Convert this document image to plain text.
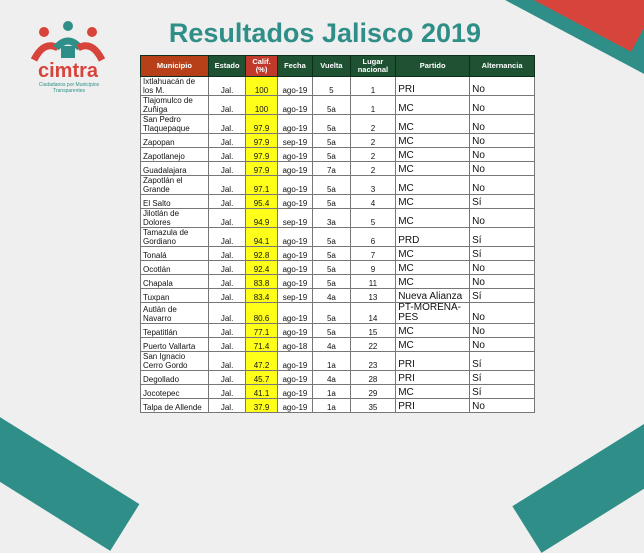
cimtra
Ciudadanos por Municipios Transparentes
Resultados Jalisco 2019
Municipio	Estado	Calif. (%)	Fecha	Vuelta	Lugar nacional	Partido	Alternancia
Ixtlahuacán de los M.	Jal.	100	ago-19	5	1	PRI	No
Tlajomulco de Zuñiga	Jal.	100	ago-19	5a	1	MC	No
San Pedro Tlaquepaque	Jal.	97.9	ago-19	5a	2	MC	No
Zapopan	Jal.	97.9	sep-19	5a	2	MC	No
Zapotlanejo	Jal.	97.9	ago-19	5a	2	MC	No
Guadalajara	Jal.	97.9	ago-19	7a	2	MC	No
Zapotlán el Grande	Jal.	97.1	ago-19	5a	3	MC	No
El Salto	Jal.	95.4	ago-19	5a	4	MC	Sí
Jilotlán de Dolores	Jal.	94.9	sep-19	3a	5	MC	No
Tamazula de Gordiano	Jal.	94.1	ago-19	5a	6	PRD	Sí
Tonalá	Jal.	92.8	ago-19	5a	7	MC	Sí
Ocotlán	Jal.	92.4	ago-19	5a	9	MC	No
Chapala	Jal.	83.8	ago-19	5a	11	MC	No
Tuxpan	Jal.	83.4	sep-19	4a	13	Nueva Alianza	Sí
Autlán de Navarro	Jal.	80.6	ago-19	5a	14	PT-MORENA-PES	No
Tepatitlán	Jal.	77.1	ago-19	5a	15	MC	No
Puerto Vallarta	Jal.	71.4	ago-18	4a	22	MC	No
San Ignacio Cerro Gordo	Jal.	47.2	ago-19	1a	23	PRI	Sí
Degollado	Jal.	45.7	ago-19	4a	28	PRI	Sí
Jocotepec	Jal.	41.1	ago-19	1a	29	MC	Sí
Talpa de Allende	Jal.	37.9	ago-19	1a	35	PRI	No
